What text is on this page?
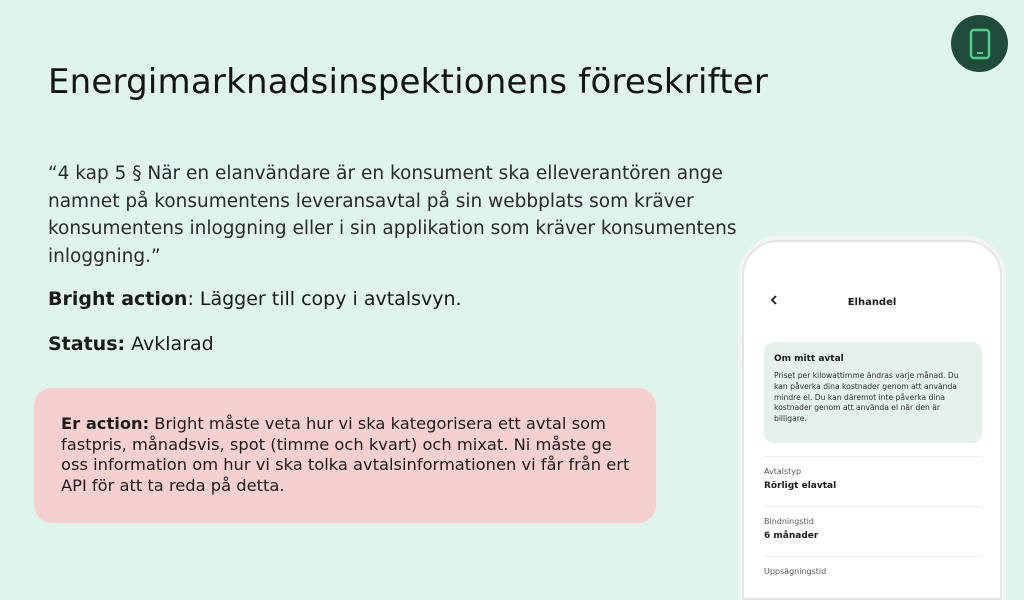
Energimarknadsinspektionens föreskrifter

“4 kap 5 § När en elanvändare är en konsument ska elleverantören ange namnet på konsumentens leveransavtal på sin webbplats som kräver konsumentens inloggning eller i sin applikation som kräver konsumentens inloggning.”

Bright action: Lägger till copy i avtalsvyn.
Status: Avklarad
Er action: Bright måste veta hur vi ska kategorisera ett avtal som fastpris, månadsvis, spot (timme och kvart) och mixat. Ni måste ge oss information om hur vi ska tolka avtalsinformationen vi får från ert API för att ta reda på detta.
Elhandel
Om mitt avtal
Priset per kilowattimme ändras varje månad. Du kan påverka dina kostnader genom att använda mindre el. Du kan däremot inte påverka dina kostnader genom att använda el när den är billigare.
Avtalstyp
Rörligt elavtal
Bindningstid
6 månader
Uppsägningstid
